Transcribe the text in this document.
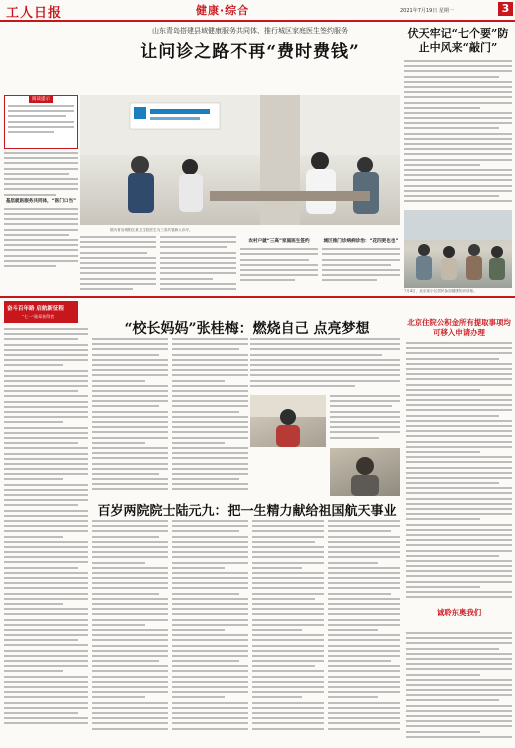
工人日报	健康·综合	2021年7月19日 星期一	3
山东青岛搭建县域健康服务共同体、推行城区家庭医生签约服务
让问诊之路不再“费时费钱”
阅读提示
图为青岛城阳区某卫生院医生为三高共管病人诊疗。
基层就医服务共同体，“医门口当”
农村户就“三高”家庭医生签约	城区推门诊病病诊治：“花四更也也”
伏天牢记“七个要”防止中风来“敲门”
7月4日，北京某小区居民参加健康知识讲座。
奋斗百年路 启航新征程
“七一”勋章获得者
“校长妈妈”张桂梅：燃烧自己 点亮梦想
百岁两院院士陆元九：把一生精力献给祖国航天事业
北京住院公积金所有提取事项均可移入申请办理
诚聆东奥我们
